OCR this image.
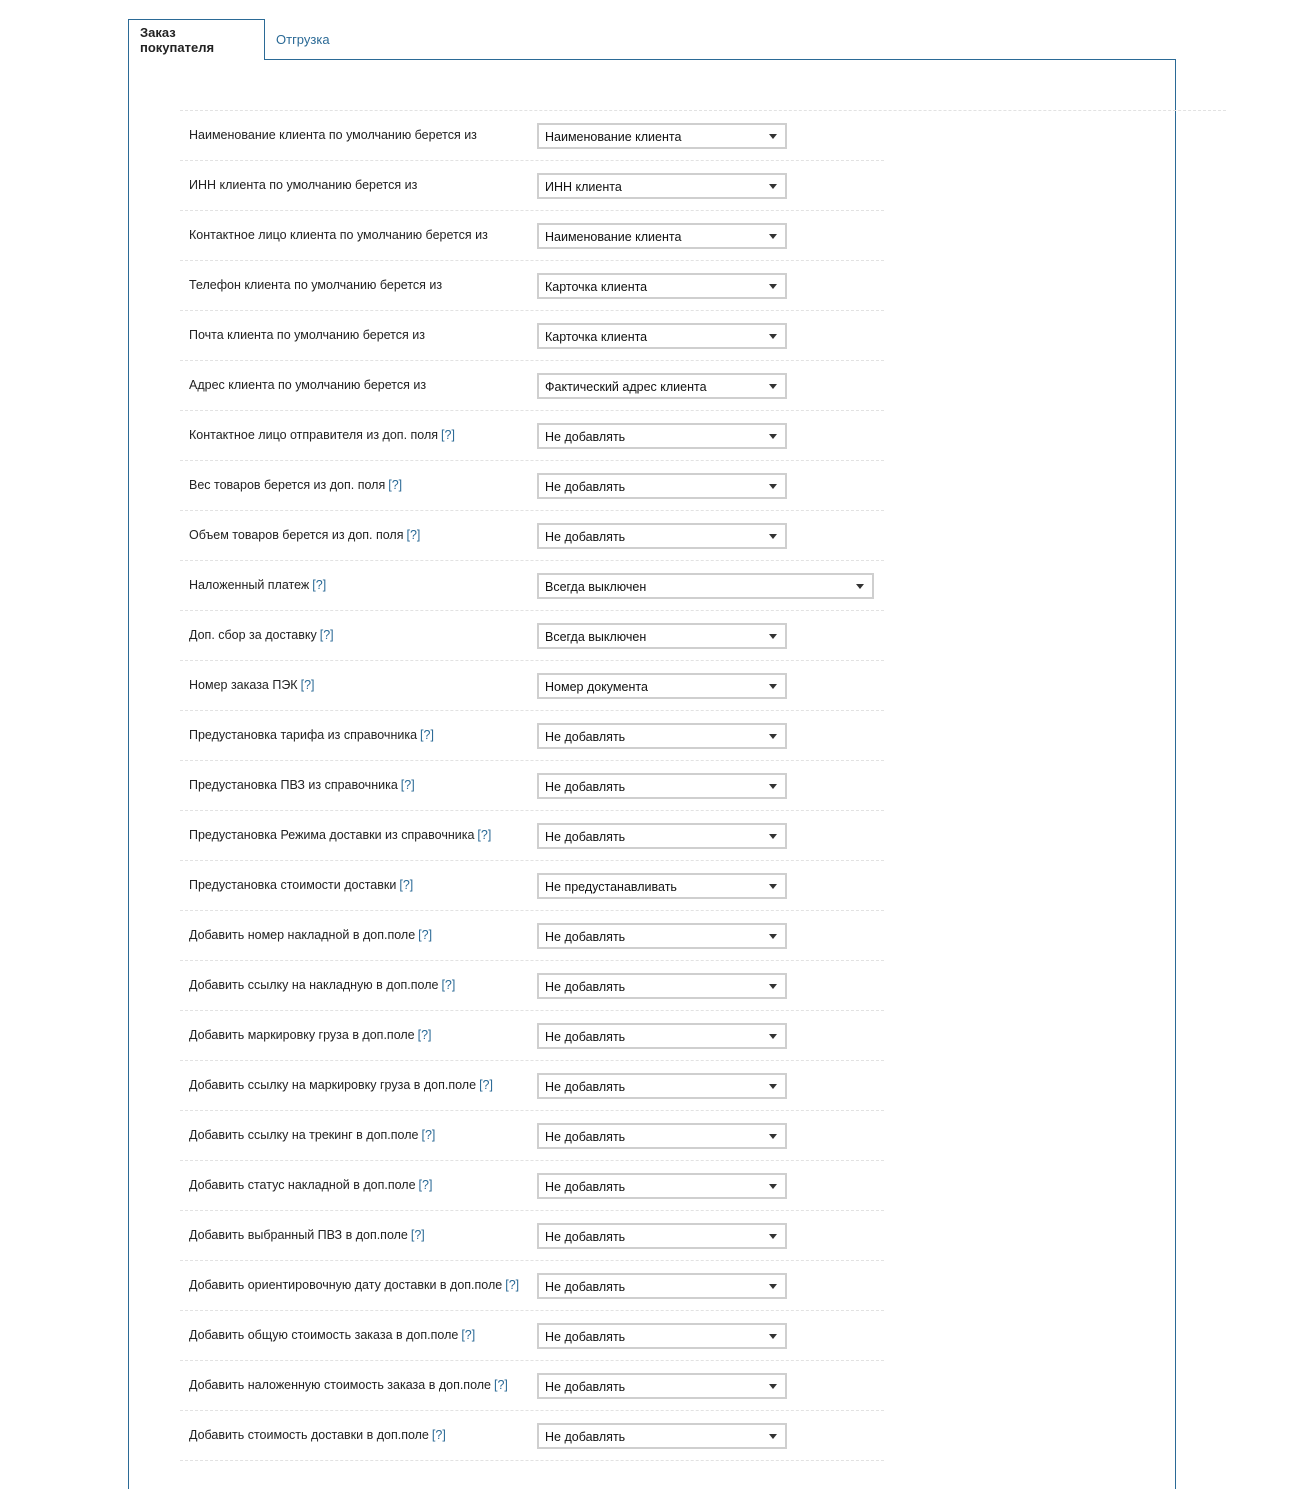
Заказ покупателя
Отгрузка
Наименование клиента по умолчанию берется из	Наименование клиента
ИНН клиента по умолчанию берется из	ИНН клиента
Контактное лицо клиента по умолчанию берется из	Наименование клиента
Телефон клиента по умолчанию берется из	Карточка клиента
Почта клиента по умолчанию берется из	Карточка клиента
Адрес клиента по умолчанию берется из	Фактический адрес клиента
Контактное лицо отправителя из доп. поля [?]	Не добавлять
Вес товаров берется из доп. поля [?]	Не добавлять
Объем товаров берется из доп. поля [?]	Не добавлять
Наложенный платеж [?]	Всегда выключен
Доп. сбор за доставку [?]	Всегда выключен
Номер заказа ПЭК [?]	Номер документа
Предустановка тарифа из справочника [?]	Не добавлять
Предустановка ПВЗ из справочника [?]	Не добавлять
Предустановка Режима доставки из справочника [?]	Не добавлять
Предустановка стоимости доставки [?]	Не предустанавливать
Добавить номер накладной в доп.поле [?]	Не добавлять
Добавить ссылку на накладную в доп.поле [?]	Не добавлять
Добавить маркировку груза в доп.поле [?]	Не добавлять
Добавить ссылку на маркировку груза в доп.поле [?]	Не добавлять
Добавить ссылку на трекинг в доп.поле [?]	Не добавлять
Добавить статус накладной в доп.поле [?]	Не добавлять
Добавить выбранный ПВЗ в доп.поле [?]	Не добавлять
Добавить ориентировочную дату доставки в доп.поле [?] Не добавлять
Добавить общую стоимость заказа в доп.поле [?]	Не добавлять
Добавить наложенную стоимость заказа в доп.поле [?]	Не добавлять
Добавить стоимость доставки в доп.поле [?]	Не добавлять
